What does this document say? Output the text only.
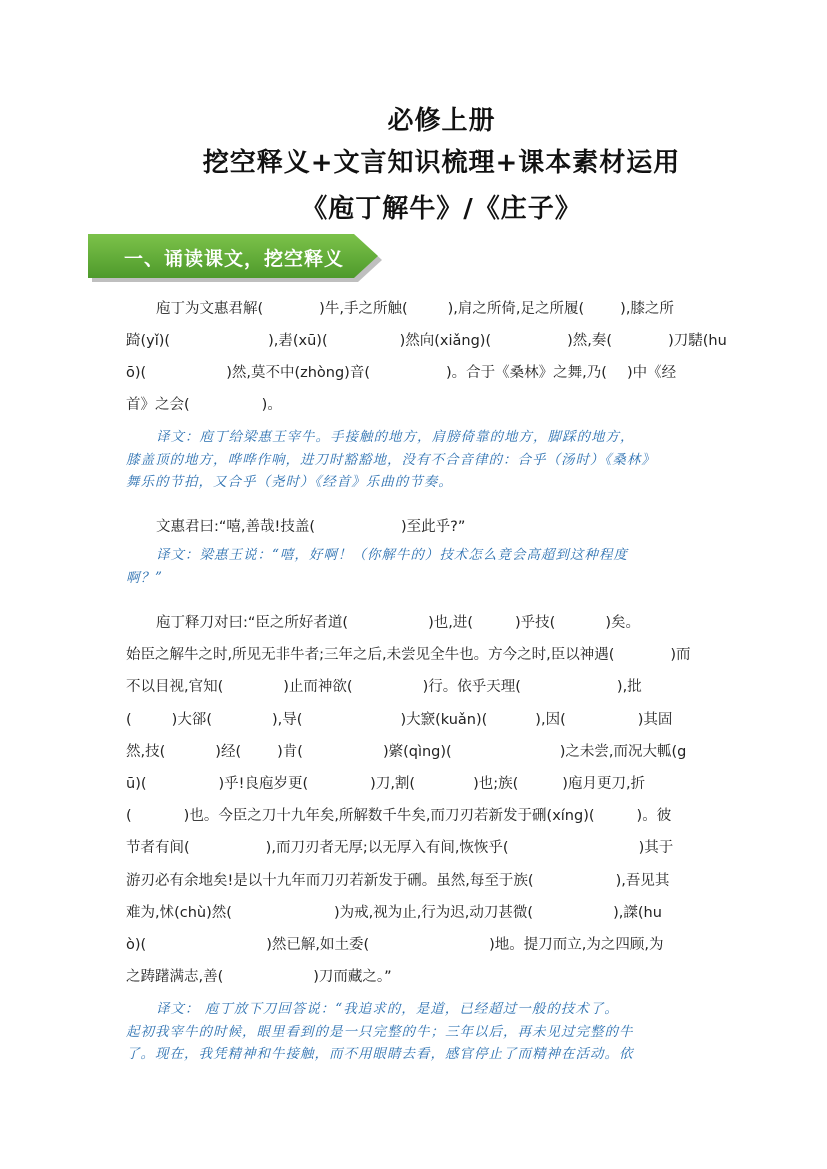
必修上册
挖空释义+文言知识梳理+课本素材运用
《庖丁解牛》/《庄子》
一、诵读课文，挖空释义
庖丁为文惠君解(	)牛,手之所触(	),肩之所倚,足之所履( ),膝之所
踦(yǐ)(	),砉(xū)(	)然向(xiǎng)(	)然,奏(	)刀騞(hu
ō)(	)然,莫不中(zhòng)音(	)。合于《桑林》之舞,乃( )中《经
首》之会(	)。
译文：庖丁给梁惠王宰牛。手接触的地方，肩膀倚靠的地方，脚踩的地方，
膝盖顶的地方，哗哗作响，进刀时豁豁地，没有不合音律的：合乎（汤时）《桑林》
舞乐的节拍，又合乎（尧时）《经首》乐曲的节奏。
文惠君曰:“嘻,善哉!技盖(	)至此乎?”
译文：梁惠王说：“嘻，好啊！（你解牛的）技术怎么竟会高超到这种程度
啊？”
庖丁释刀对曰:“臣之所好者道(	)也,进(	)乎技(	)矣。
始臣之解牛之时,所见无非牛者;三年之后,未尝见全牛也。方今之时,臣以神遇(	)而
不以目视,官知(	)止而神欲(	)行。依乎天理(	),批
(	)大郤(	),导(	)大窾(kuǎn)(	),因(	)其固
然,技(	)经( )肯(	)綮(qìng)(	)之未尝,而况大軱(g
ū)(	)乎!良庖岁更(	)刀,割(	)也;族(	)庖月更刀,折
(	)也。今臣之刀十九年矣,所解数千牛矣,而刀刃若新发于硎(xíng)(	)。彼
节者有间(	),而刀刃者无厚;以无厚入有间,恢恢乎(	)其于
游刃必有余地矣!是以十九年而刀刃若新发于硎。虽然,每至于族(	),吾见其
难为,怵(chù)然(	)为戒,视为止,行为迟,动刀甚微(	),謋(hu
ò)(	)然已解,如土委(	)地。提刀而立,为之四顾,为
之踌躇满志,善(	)刀而藏之。”
译文： 庖丁放下刀回答说：“我追求的，是道，已经超过一般的技术了。
起初我宰牛的时候，眼里看到的是一只完整的牛；三年以后，再未见过完整的牛
了。现在，我凭精神和牛接触，而不用眼睛去看，感官停止了而精神在活动。依
